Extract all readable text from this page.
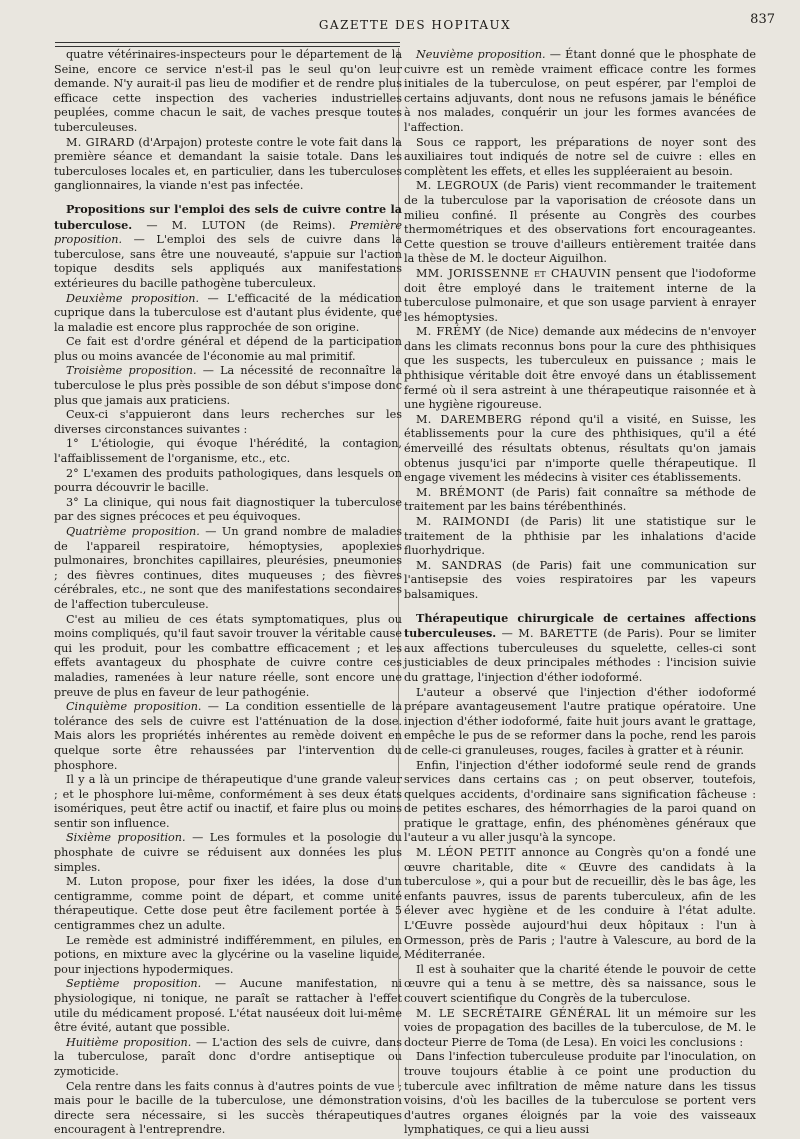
GAZETTE DES HOPITAUX	837

quatre vétérinaires-inspecteurs pour le département de la Seine, encore ce service n'est-il pas le seul qu'on leur demande. N'y aurait-il pas lieu de modifier et de rendre plus efficace cette inspection des vacheries industrielles peuplées, comme chacun le sait, de vaches presque toutes tuberculeuses.

M. GIRARD (d'Arpajon) proteste contre le vote fait dans la première séance et demandant la saisie totale. Dans les tuberculoses locales et, en particulier, dans les tuberculoses ganglionnaires, la viande n'est pas infectée.

Propositions sur l'emploi des sels de cuivre contre la tuberculose. — M. LUTON (de Reims). Première proposition. — L'emploi des sels de cuivre dans la tuberculose, sans être une nouveauté, s'appuie sur l'action topique desdits sels appliqués aux manifestations extérieures du bacille pathogène tuberculeux.

Deuxième proposition. — L'efficacité de la médication cuprique dans la tuberculose est d'autant plus évidente, que la maladie est encore plus rapprochée de son origine.

Ce fait est d'ordre général et dépend de la participation plus ou moins avancée de l'économie au mal primitif.

Troisième proposition. — La nécessité de reconnaître la tuberculose le plus près possible de son début s'impose donc plus que jamais aux praticiens.

Ceux-ci s'appuieront dans leurs recherches sur les diverses circonstances suivantes :

1° L'étiologie, qui évoque l'hérédité, la contagion, l'affaiblissement de l'organisme, etc., etc.

2° L'examen des produits pathologiques, dans lesquels on pourra découvrir le bacille.

3° La clinique, qui nous fait diagnostiquer la tuberculose par des signes précoces et peu équivoques.

Quatrième proposition. — Un grand nombre de maladies de l'appareil respiratoire, hémoptysies, apoplexies pulmonaires, bronchites capillaires, pleurésies, pneumonies ; des fièvres continues, dites muqueuses ; des fièvres cérébrales, etc., ne sont que des manifestations secondaires de l'affection tuberculeuse.

C'est au milieu de ces états symptomatiques, plus ou moins compliqués, qu'il faut savoir trouver la véritable cause qui les produit, pour les combattre efficacement ; et les effets avantageux du phosphate de cuivre contre ces maladies, ramenées à leur nature réelle, sont encore une preuve de plus en faveur de leur pathogénie.

Cinquième proposition. — La condition essentielle de la tolérance des sels de cuivre est l'atténuation de la dose. Mais alors les propriétés inhérentes au remède doivent en quelque sorte être rehaussées par l'intervention du phosphore.

Il y a là un principe de thérapeutique d'une grande valeur ; et le phosphore lui-même, conformément à ses deux états isomériques, peut être actif ou inactif, et faire plus ou moins sentir son influence.

Sixième proposition. — Les formules et la posologie du phosphate de cuivre se réduisent aux données les plus simples.

M. Luton propose, pour fixer les idées, la dose d'un centigramme, comme point de départ, et comme unité thérapeutique. Cette dose peut être facilement portée à 5 centigrammes chez un adulte.

Le remède est administré indifféremment, en pilules, en potions, en mixture avec la glycérine ou la vaseline liquide, pour injections hypodermiques.

Septième proposition. — Aucune manifestation, ni physiologique, ni tonique, ne paraît se rattacher à l'effet utile du médicament proposé. L'état nauséeux doit lui-même être évité, autant que possible.

Huitième proposition. — L'action des sels de cuivre, dans la tuberculose, paraît donc d'ordre antiseptique ou zymoticide.

Cela rentre dans les faits connus à d'autres points de vue ; mais pour le bacille de la tuberculose, une démonstration directe sera nécessaire, si les succès thérapeutiques encouragent à l'entreprendre.

Neuvième proposition. — Étant donné que le phosphate de cuivre est un remède vraiment efficace contre les formes initiales de la tuberculose, on peut espérer, par l'emploi de certains adjuvants, dont nous ne refusons jamais le bénéfice à nos malades, conquérir un jour les formes avancées de l'affection.

Sous ce rapport, les préparations de noyer sont des auxiliaires tout indiqués de notre sel de cuivre : elles en complètent les effets, et elles les suppléeraient au besoin.

M. LEGROUX (de Paris) vient recommander le traitement de la tuberculose par la vaporisation de créosote dans un milieu confiné. Il présente au Congrès des courbes thermométriques et des observations fort encourageantes. Cette question se trouve d'ailleurs entièrement traitée dans la thèse de M. le docteur Aiguilhon.

MM. JORISSENNE et CHAUVIN pensent que l'iodoforme doit être employé dans le traitement interne de la tuberculose pulmonaire, et que son usage parvient à enrayer les hémoptysies.

M. FRÉMY (de Nice) demande aux médecins de n'envoyer dans les climats reconnus bons pour la cure des phthisiques que les suspects, les tuberculeux en puissance ; mais le phthisique véritable doit être envoyé dans un établissement fermé où il sera astreint à une thérapeutique raisonnée et à une hygiène rigoureuse.

M. DAREMBERG répond qu'il a visité, en Suisse, les établissements pour la cure des phthisiques, qu'il a été émerveillé des résultats obtenus, résultats qu'on jamais obtenus jusqu'ici par n'importe quelle thérapeutique. Il engage vivement les médecins à visiter ces établissements.

M. BRÉMONT (de Paris) fait connaître sa méthode de traitement par les bains térébenthinés.

M. RAIMONDI (de Paris) lit une statistique sur le traitement de la phthisie par les inhalations d'acide fluorhydrique.

M. SANDRAS (de Paris) fait une communication sur l'antisepsie des voies respiratoires par les vapeurs balsamiques.

Thérapeutique chirurgicale de certaines affections tuberculeuses. — M. BARETTE (de Paris). Pour se limiter aux affections tuberculeuses du squelette, celles-ci sont justiciables de deux principales méthodes : l'incision suivie du grattage, l'injection d'éther iodoformé.

L'auteur a observé que l'injection d'éther iodoformé prépare avantageusement l'autre pratique opératoire. Une injection d'éther iodoformé, faite huit jours avant le grattage, empêche le pus de se reformer dans la poche, rend les parois de celle-ci granuleuses, rouges, faciles à gratter et à réunir.

Enfin, l'injection d'éther iodoformé seule rend de grands services dans certains cas ; on peut observer, toutefois, quelques accidents, d'ordinaire sans signification fâcheuse : de petites eschares, des hémorrhagies de la paroi quand on pratique le grattage, enfin, des phénomènes généraux que l'auteur a vu aller jusqu'à la syncope.

M. LÉON PETIT annonce au Congrès qu'on a fondé une œuvre charitable, dite « Œuvre des candidats à la tuberculose », qui a pour but de recueillir, dès le bas âge, les enfants pauvres, issus de parents tuberculeux, afin de les élever avec hygiène et de les conduire à l'état adulte. L'Œuvre possède aujourd'hui deux hôpitaux : l'un à Ormesson, près de Paris ; l'autre à Valescure, au bord de la Méditerranée.

Il est à souhaiter que la charité étende le pouvoir de cette œuvre qui a tenu à se mettre, dès sa naissance, sous le couvert scientifique du Congrès de la tuberculose.

M. LE SECRÉTAIRE GÉNÉRAL lit un mémoire sur les voies de propagation des bacilles de la tuberculose, de M. le docteur Pierre de Toma (de Lesa). En voici les conclusions :

Dans l'infection tuberculeuse produite par l'inoculation, on trouve toujours établie à ce point une production du tubercule avec infiltration de même nature dans les tissus voisins, d'où les bacilles de la tuberculose se portent vers d'autres organes éloignés par la voie des vaisseaux lymphatiques, ce qui a lieu aussi
